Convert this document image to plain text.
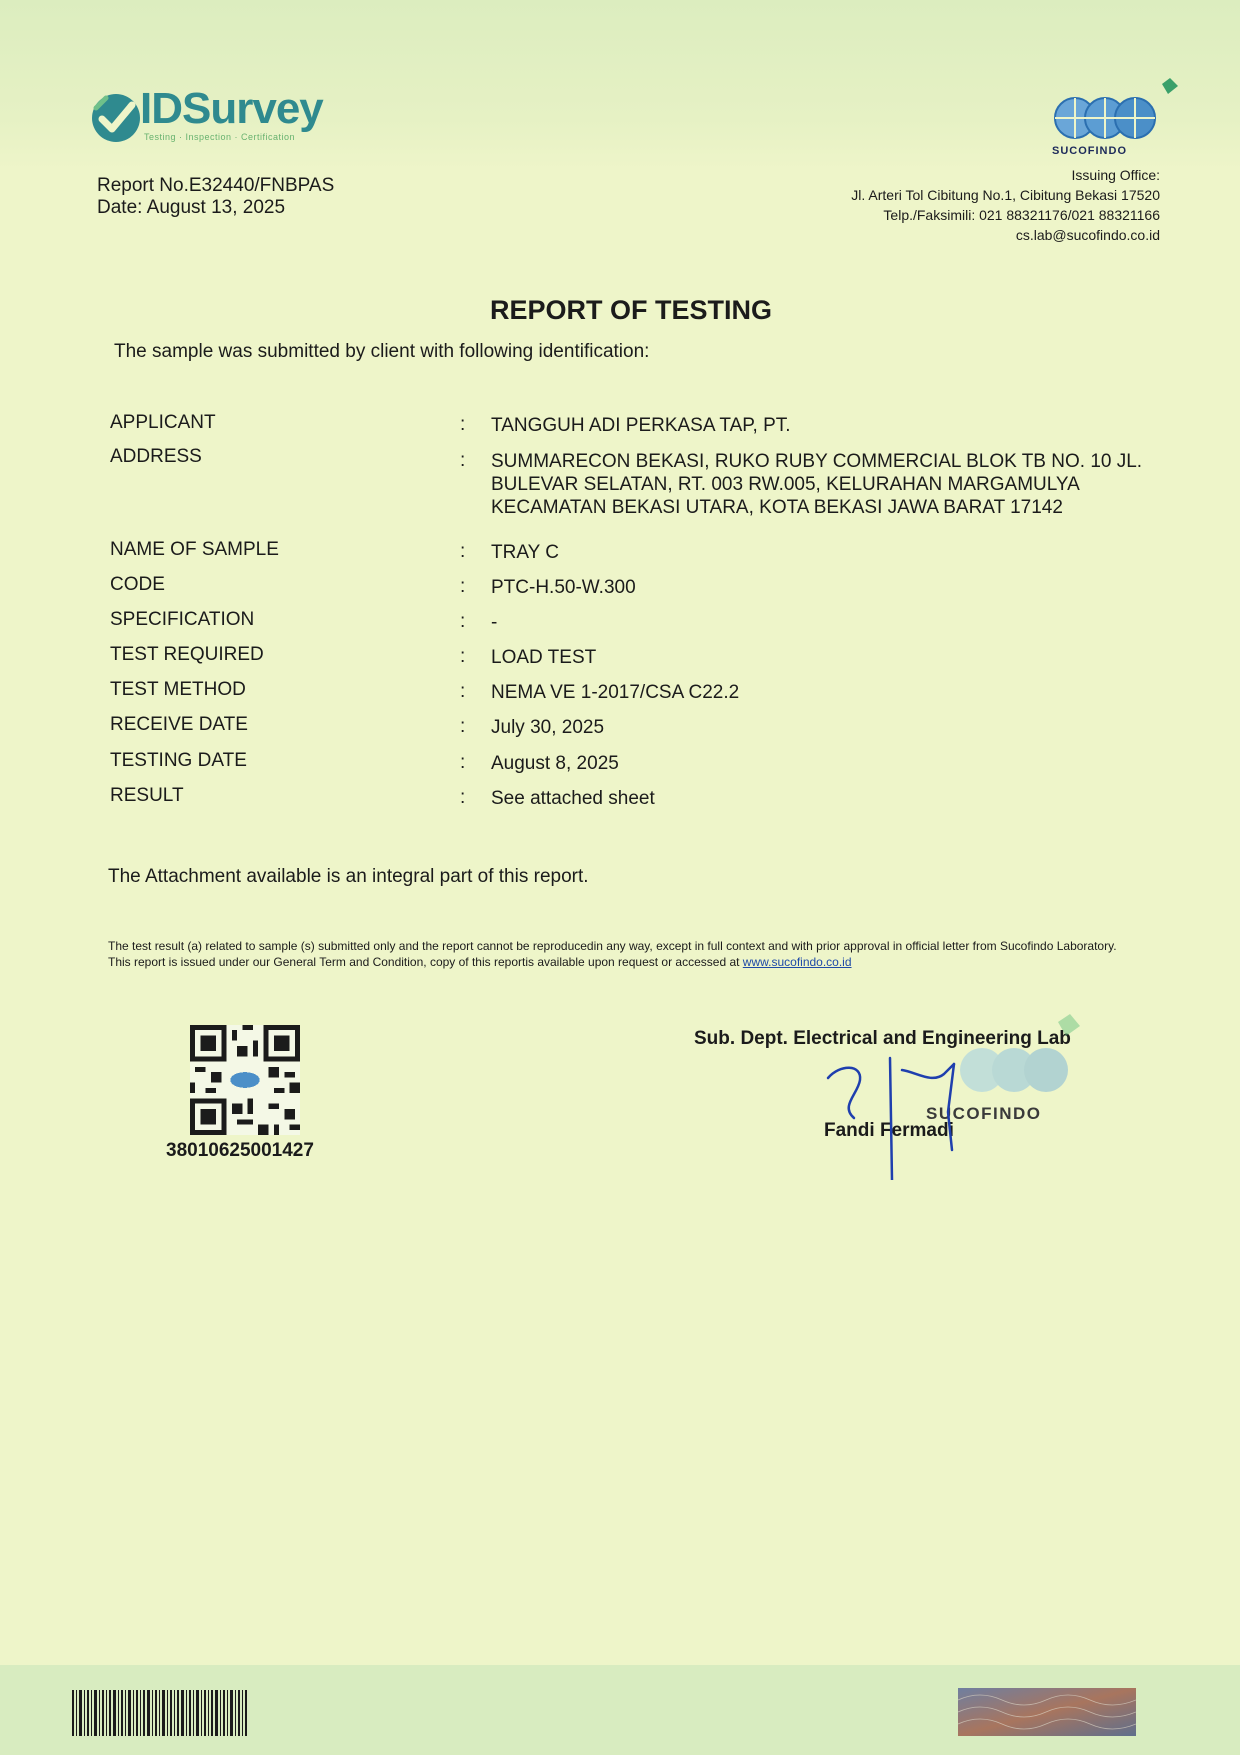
IDSurvey
Testing · Inspection · Certification
SUCOFINDO
Report No.E32440/FNBPAS
Date: August 13, 2025
Issuing Office:
Jl. Arteri Tol Cibitung No.1, Cibitung Bekasi 17520
Telp./Faksimili: 021 88321176/021 88321166
cs.lab@sucofindo.co.id
REPORT OF TESTING
The sample was submitted by client with following identification:
APPLICANT	: TANGGUH ADI PERKASA TAP, PT.
ADDRESS	: SUMMARECON BEKASI, RUKO RUBY COMMERCIAL BLOK TB NO. 10 JL. BULEVAR SELATAN, RT. 003 RW.005, KELURAHAN MARGAMULYA KECAMATAN BEKASI UTARA, KOTA BEKASI JAWA BARAT 17142
NAME OF SAMPLE	: TRAY C
CODE	: PTC-H.50-W.300
SPECIFICATION	: -
TEST REQUIRED	: LOAD TEST
TEST METHOD	: NEMA VE 1-2017/CSA C22.2
RECEIVE DATE	: July 30, 2025
TESTING DATE	: August 8, 2025
RESULT	: See attached sheet
The Attachment available is an integral part of this report.
The test result (a) related to sample (s) submitted only and the report cannot be reproducedin any way, except in full context and with prior approval in official letter from Sucofindo Laboratory.
This report is issued under our General Term and Condition, copy of this reportis available upon request or accessed at www.sucofindo.co.id
38010625001427
Sub. Dept. Electrical and Engineering Lab
SUCOFINDO
Fandi Fermadi
